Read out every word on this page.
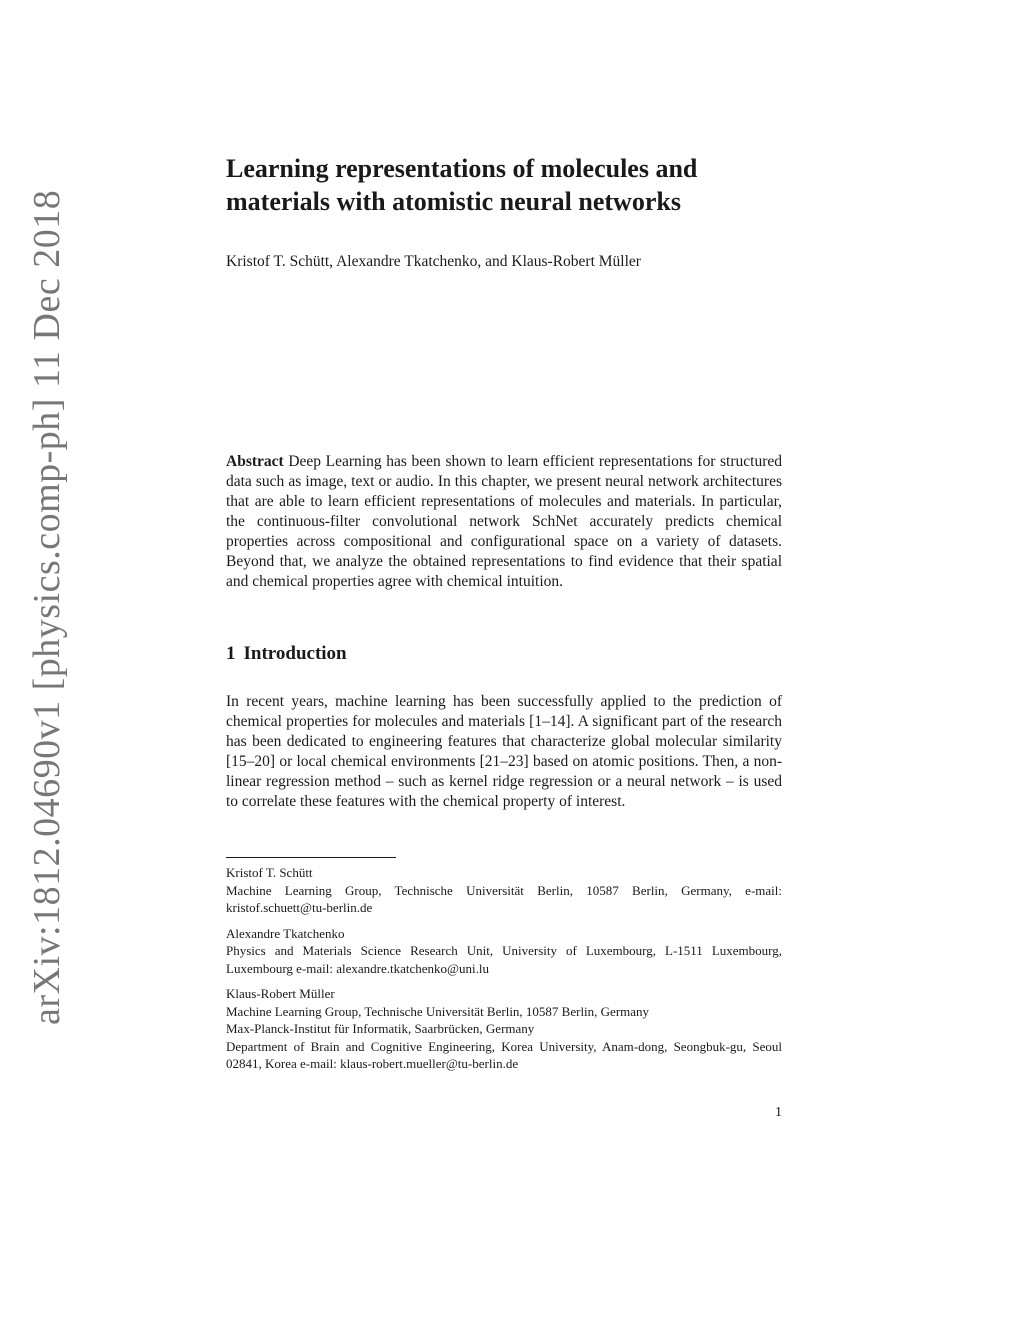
arXiv:1812.04690v1 [physics.comp-ph] 11 Dec 2018
Learning representations of molecules and materials with atomistic neural networks
Kristof T. Schütt, Alexandre Tkatchenko, and Klaus-Robert Müller

Abstract Deep Learning has been shown to learn efficient representations for structured data such as image, text or audio. In this chapter, we present neural network architectures that are able to learn efficient representations of molecules and materials. In particular, the continuous-filter convolutional network SchNet accurately predicts chemical properties across compositional and configurational space on a variety of datasets. Beyond that, we analyze the obtained representations to find evidence that their spatial and chemical properties agree with chemical intuition.

1 Introduction

In recent years, machine learning has been successfully applied to the prediction of chemical properties for molecules and materials [1–14]. A significant part of the research has been dedicated to engineering features that characterize global molecular similarity [15–20] or local chemical environments [21–23] based on atomic positions. Then, a non-linear regression method – such as kernel ridge regression or a neural network – is used to correlate these features with the chemical property of interest.

Kristof T. Schütt
Machine Learning Group, Technische Universität Berlin, 10587 Berlin, Germany, e-mail: kristof.schuett@tu-berlin.de
Alexandre Tkatchenko
Physics and Materials Science Research Unit, University of Luxembourg, L-1511 Luxembourg, Luxembourg e-mail: alexandre.tkatchenko@uni.lu
Klaus-Robert Müller
Machine Learning Group, Technische Universität Berlin, 10587 Berlin, Germany
Max-Planck-Institut für Informatik, Saarbrücken, Germany
Department of Brain and Cognitive Engineering, Korea University, Anam-dong, Seongbuk-gu, Seoul 02841, Korea e-mail: klaus-robert.mueller@tu-berlin.de
1
